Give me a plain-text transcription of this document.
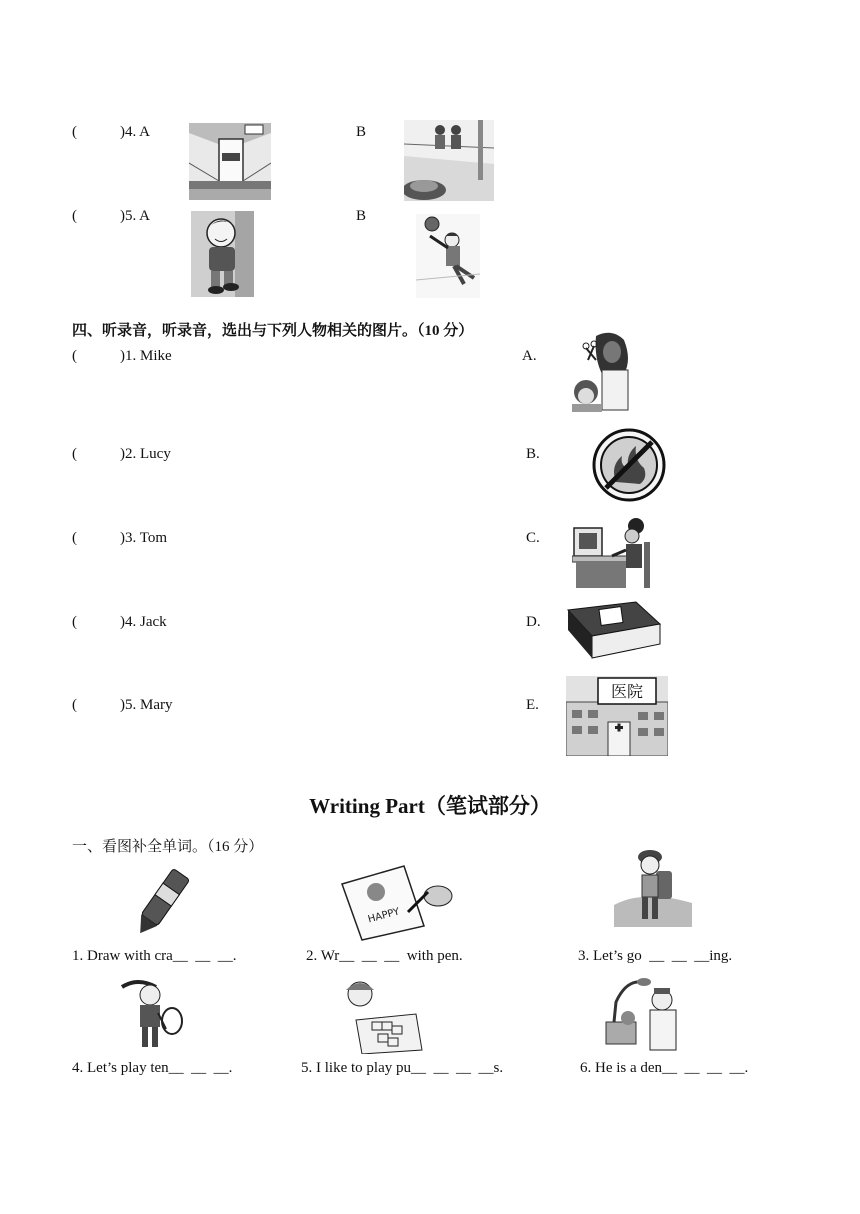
(	)4. A	B
(	)5. A	B
四、听录音，听录音，选出与下列人物相关的图片。（10 分）
(	)1. Mike	A.
(	)2. Lucy	B.
(	)3. Tom	C.
(	)4. Jack	D.
(	)5. Mary	E.
医院
Writing Part（笔试部分）
一、看图补全单词。（16 分）
HAPPY
1. Draw with cra__  __  __.	2. Wr__  __  __  with pen.	3. Let’s go  __  __  __ing.
4. Let’s play ten__  __  __.	5. I like to play pu__  __  __  __s.	6. He is a den__  __  __  __.
